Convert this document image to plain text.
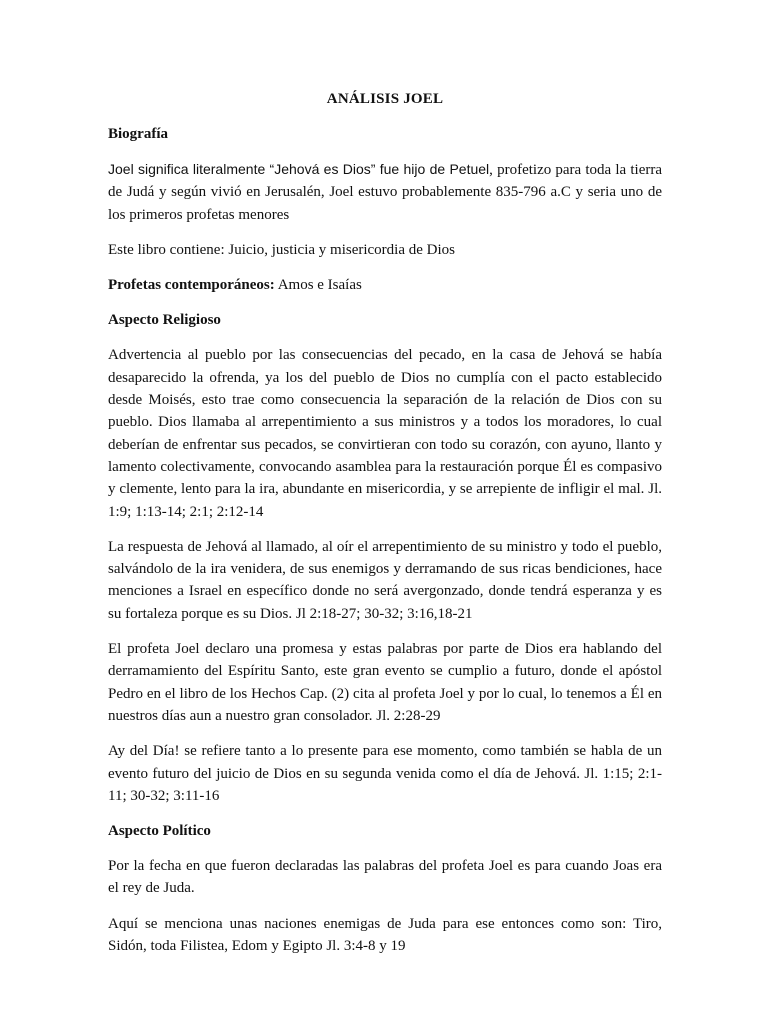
ANÁLISIS JOEL
Biografía

Joel significa literalmente “Jehová es Dios” fue hijo de Petuel, profetizo para toda la tierra de Judá y según vivió en Jerusalén, Joel estuvo probablemente 835-796 a.C y seria uno de los primeros profetas menores

Este libro contiene: Juicio, justicia y misericordia de Dios

Profetas contemporáneos: Amos e Isaías

Aspecto Religioso

Advertencia al pueblo por las consecuencias del pecado, en la casa de Jehová se había desaparecido la ofrenda, ya los del pueblo de Dios no cumplía con el pacto establecido desde Moisés, esto trae como consecuencia la separación de la relación de Dios con su pueblo. Dios llamaba al arrepentimiento a sus ministros y a todos los moradores, lo cual deberían de enfrentar sus pecados, se convirtieran con todo su corazón, con ayuno, llanto y lamento colectivamente, convocando asamblea para la restauración porque Él es compasivo y clemente, lento para la ira, abundante en misericordia, y se arrepiente de infligir el mal. Jl. 1:9; 1:13-14; 2:1; 2:12-14

La respuesta de Jehová al llamado, al oír el arrepentimiento de su ministro y todo el pueblo, salvándolo de la ira venidera, de sus enemigos y derramando de sus ricas bendiciones, hace menciones a Israel en específico donde no será avergonzado, donde tendrá esperanza y es su fortaleza porque es su Dios. Jl 2:18-27; 30-32; 3:16,18-21

El profeta Joel declaro una promesa y estas palabras por parte de Dios era hablando del derramamiento del Espíritu Santo, este gran evento se cumplio a futuro, donde el apóstol Pedro en el libro de los Hechos Cap. (2) cita al profeta Joel y por lo cual, lo tenemos a Él en nuestros días aun a nuestro gran consolador. Jl. 2:28-29

Ay del Día! se refiere tanto a lo presente para ese momento, como también se habla de un evento futuro del juicio de Dios en su segunda venida como el día de Jehová. Jl. 1:15; 2:1-11; 30-32; 3:11-16

Aspecto Político

Por la fecha en que fueron declaradas las palabras del profeta Joel es para cuando Joas era el rey de Juda.

Aquí se menciona unas naciones enemigas de Juda para ese entonces como son: Tiro, Sidón, toda Filistea, Edom y Egipto Jl. 3:4-8 y 19
